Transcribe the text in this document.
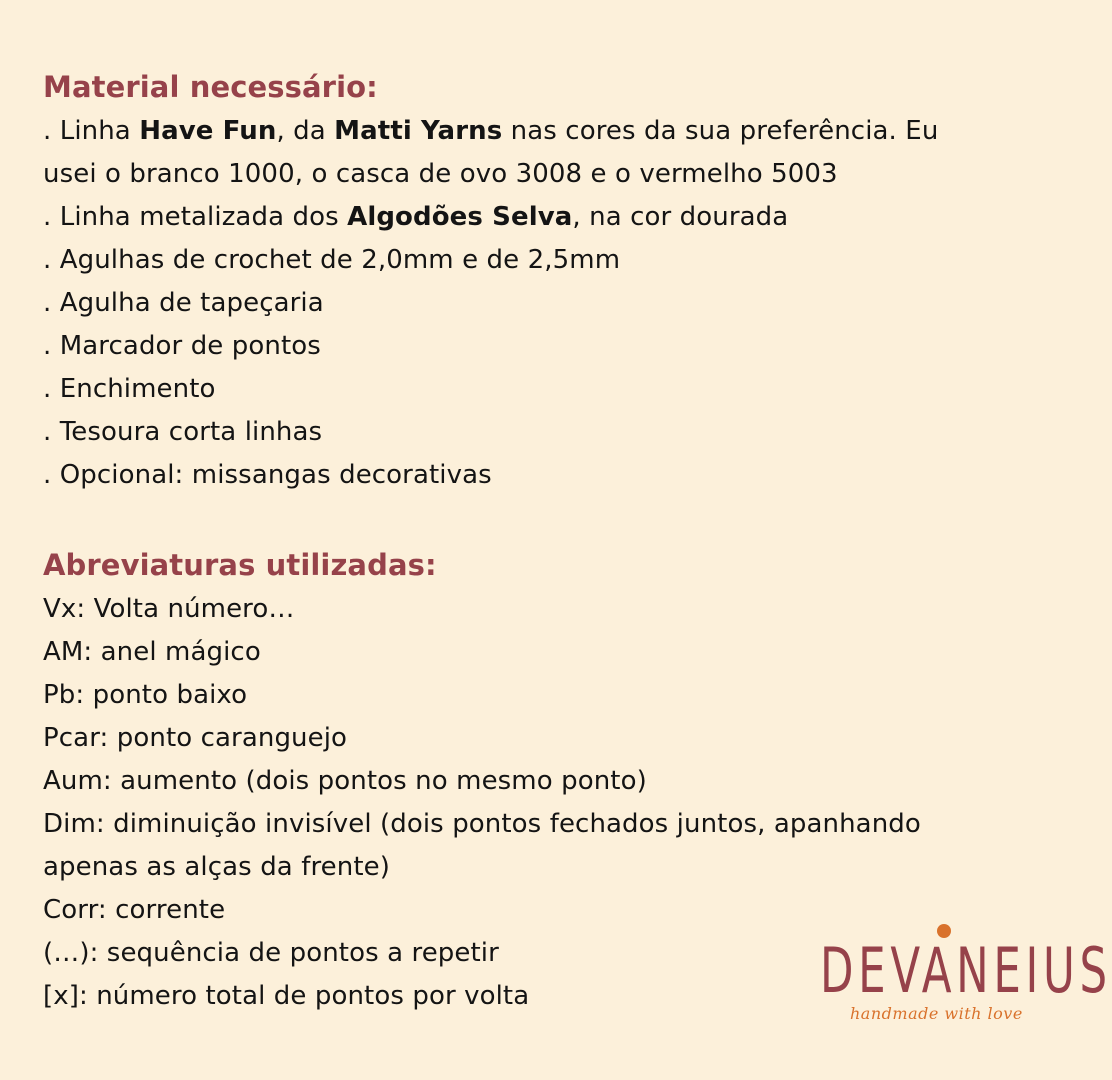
Material necessário:

. Linha Have Fun, da Matti Yarns nas cores da sua preferência. Eu

usei o branco 1000, o casca de ovo 3008 e o vermelho 5003

. Linha metalizada dos Algodões Selva, na cor dourada

. Agulhas de crochet de 2,0mm e de 2,5mm

. Agulha de tapeçaria

. Marcador de pontos

. Enchimento

. Tesoura corta linhas

. Opcional: missangas decorativas

Abreviaturas utilizadas:

Vx: Volta número…

AM: anel mágico

Pb: ponto baixo

Pcar: ponto caranguejo

Aum: aumento (dois pontos no mesmo ponto)

Dim: diminuição invisível (dois pontos fechados juntos, apanhando

apenas as alças da frente)

Corr: corrente

(…): sequência de pontos a repetir

[x]: número total de pontos por volta	DEVANEIUS
handmade with love
